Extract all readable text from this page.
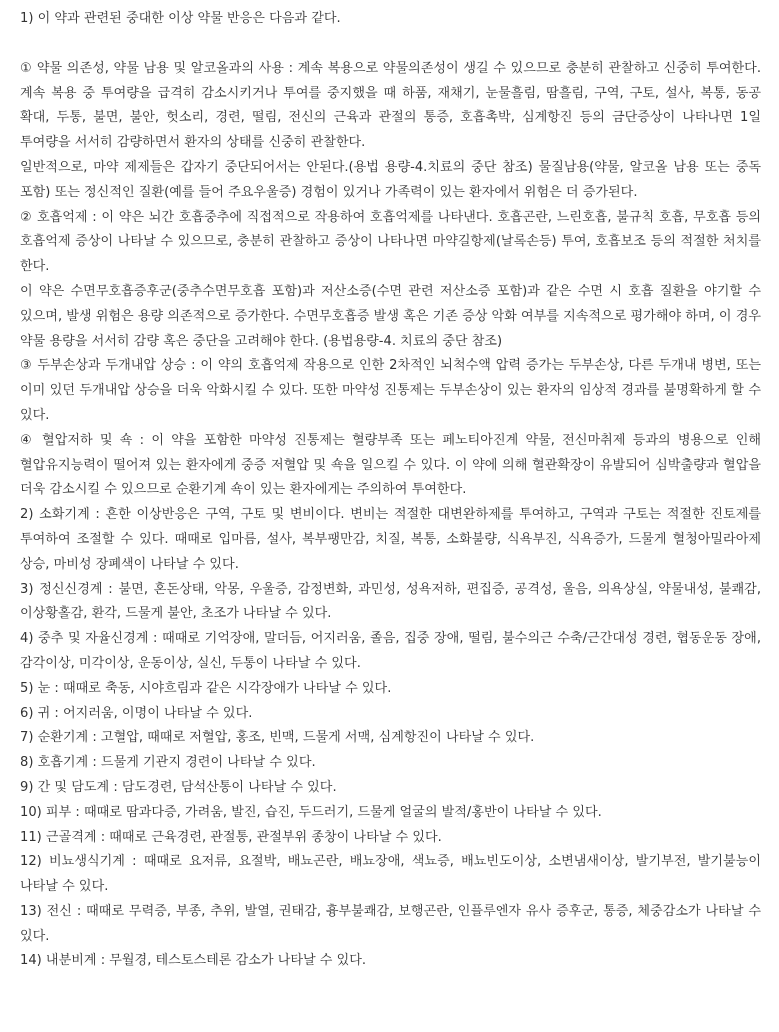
1) 이 약과 관련된 중대한 이상 약물 반응은 다음과 같다.

① 약물 의존성, 약물 남용 및 알코올과의 사용 : 계속 복용으로 약물의존성이 생길 수 있으므로 충분히 관찰하고 신중히 투여한다. 계속 복용 중 투여량을 급격히 감소시키거나 투여를 중지했을 때 하품, 재채기, 눈물흘림, 땀흘림, 구역, 구토, 설사, 복통, 동공 확대, 두통, 불면, 불안, 헛소리, 경련, 떨림, 전신의 근육과 관절의 통증, 호흡촉박, 심계항진 등의 금단증상이 나타나면 1일 투여량을 서서히 감량하면서 환자의 상태를 신중히 관찰한다.

일반적으로, 마약 제제들은 갑자기 중단되어서는 안된다.(용법 용량-4.치료의 중단 참조) 물질남용(약물, 알코올 남용 또는 중독 포함) 또는 정신적인 질환(예를 들어 주요우울증) 경험이 있거나 가족력이 있는 환자에서 위험은 더 증가된다.

② 호흡억제 : 이 약은 뇌간 호흡중추에 직접적으로 작용하여 호흡억제를 나타낸다. 호흡곤란, 느린호흡, 불규칙 호흡, 무호흡 등의 호흡억제 증상이 나타날 수 있으므로, 충분히 관찰하고 증상이 나타나면 마약길항제(날록손등) 투여, 호흡보조 등의 적절한 처치를 한다.

이 약은 수면무호흡증후군(중추수면무호흡 포함)과 저산소증(수면 관련 저산소증 포함)과 같은 수면 시 호흡 질환을 야기할 수 있으며, 발생 위험은 용량 의존적으로 증가한다. 수면무호흡증 발생 혹은 기존 증상 악화 여부를 지속적으로 평가해야 하며, 이 경우 약물 용량을 서서히 감량 혹은 중단을 고려해야 한다. (용법용량-4. 치료의 중단 참조)

③ 두부손상과 두개내압 상승 : 이 약의 호흡억제 작용으로 인한 2차적인 뇌척수액 압력 증가는 두부손상, 다른 두개내 병변, 또는 이미 있던 두개내압 상승을 더욱 악화시킬 수 있다. 또한 마약성 진통제는 두부손상이 있는 환자의 임상적 경과를 불명확하게 할 수 있다.

④ 혈압저하 및 쇽 : 이 약을 포함한 마약성 진통제는 혈량부족 또는 페노티아진계 약물, 전신마취제 등과의 병용으로 인해 혈압유지능력이 떨어져 있는 환자에게 중증 저혈압 및 쇽을 일으킬 수 있다. 이 약에 의해 혈관확장이 유발되어 심박출량과 혈압을 더욱 감소시킬 수 있으므로 순환기계 쇽이 있는 환자에게는 주의하여 투여한다.

2) 소화기계 : 흔한 이상반응은 구역, 구토 및 변비이다. 변비는 적절한 대변완하제를 투여하고, 구역과 구토는 적절한 진토제를 투여하여 조절할 수 있다. 때때로 입마름, 설사, 복부팽만감, 치질, 복통, 소화불량, 식욕부진, 식욕증가, 드물게 혈청아밀라아제 상승, 마비성 장폐색이 나타날 수 있다.

3) 정신신경계 : 불면, 혼돈상태, 악몽, 우울증, 감정변화, 과민성, 성욕저하, 편집증, 공격성, 울음, 의욕상실, 약물내성, 불쾌감, 이상황홀감, 환각, 드물게 불안, 초조가 나타날 수 있다.

4) 중추 및 자율신경계 : 때때로 기억장애, 말더듬, 어지러움, 졸음, 집중 장애, 떨림, 불수의근 수축/근간대성 경련, 협동운동 장애, 감각이상, 미각이상, 운동이상, 실신, 두통이 나타날 수 있다.

5) 눈 : 때때로 축동, 시야흐림과 같은 시각장애가 나타날 수 있다.

6) 귀 : 어지러움, 이명이 나타날 수 있다.

7) 순환기계 : 고혈압, 때때로 저혈압, 홍조, 빈맥, 드물게 서맥, 심계항진이 나타날 수 있다.

8) 호흡기계 : 드물게 기관지 경련이 나타날 수 있다.

9) 간 및 담도계 : 담도경련, 담석산통이 나타날 수 있다.

10) 피부 : 때때로 땀과다증, 가려움, 발진, 습진, 두드러기, 드물게 얼굴의 발적/홍반이 나타날 수 있다.

11) 근골격계 : 때때로 근육경련, 관절통, 관절부위 종창이 나타날 수 있다.

12) 비뇨생식기계 : 때때로 요저류, 요절박, 배뇨곤란, 배뇨장애, 색뇨증, 배뇨빈도이상, 소변냄새이상, 발기부전, 발기불능이 나타날 수 있다.

13) 전신 : 때때로 무력증, 부종, 추위, 발열, 권태감, 흉부불쾌감, 보행곤란, 인플루엔자 유사 증후군, 통증, 체중감소가 나타날 수 있다.

14) 내분비계 : 무월경, 테스토스테론 감소가 나타날 수 있다.
